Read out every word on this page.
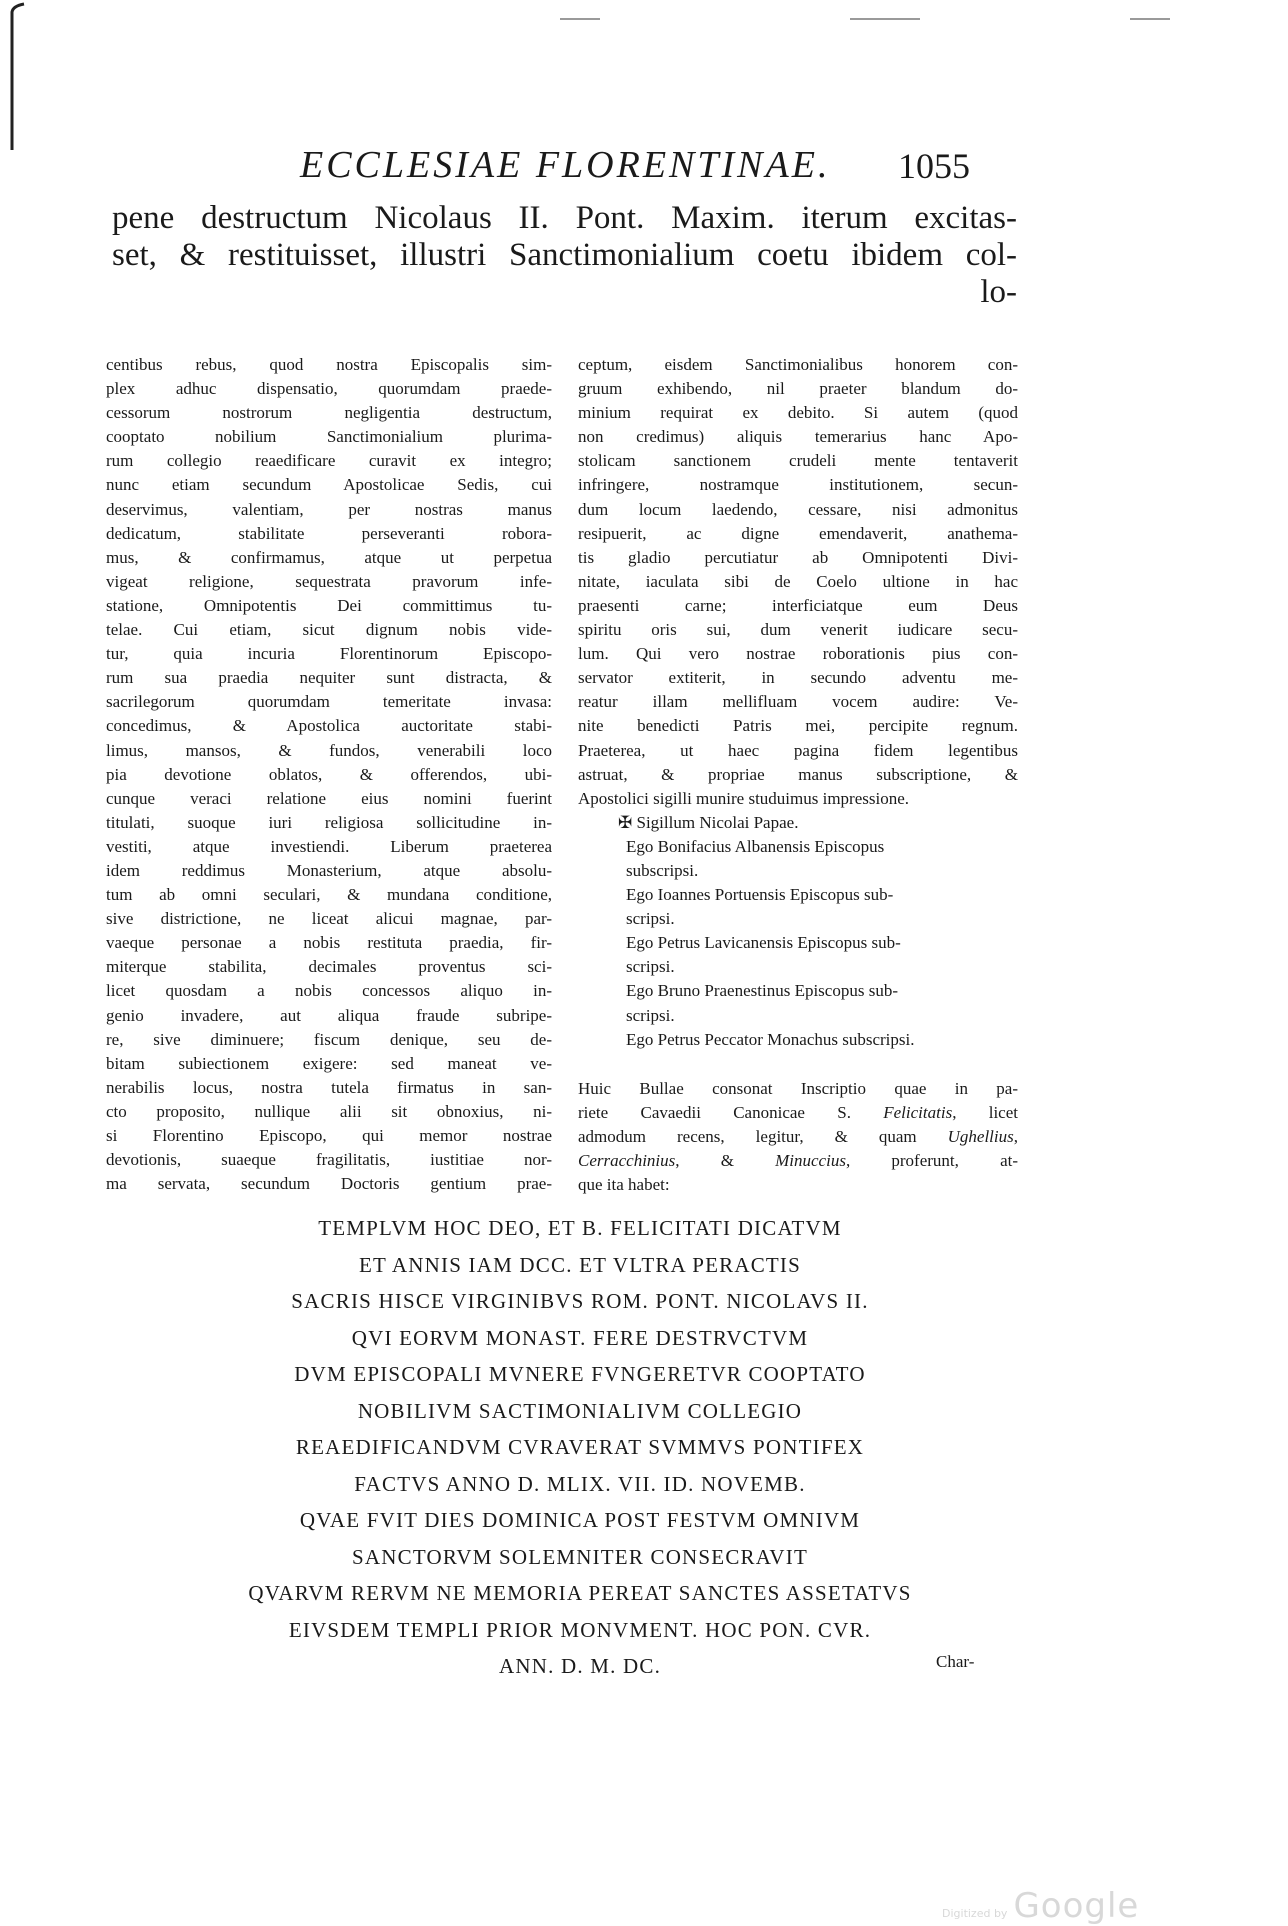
ECCLESIAE FLORENTINAE. 1055
pene destructum Nicolaus II. Pont. Maxim. iterum excitas-
set, & restituisset, illustri Sanctimonialium coetu ibidem col-
lo-
centibus rebus, quod nostra Episcopalis sim-
plex adhuc dispensatio, quorumdam praede-
cessorum nostrorum negligentia destructum,
cooptato nobilium Sanctimonialium plurima-
rum collegio reaedificare curavit ex integro;
nunc etiam secundum Apostolicae Sedis, cui
deservimus, valentiam, per nostras manus
dedicatum, stabilitate perseveranti robora-
mus, & confirmamus, atque ut perpetua
vigeat religione, sequestrata pravorum infe-
statione, Omnipotentis Dei committimus tu-
telae. Cui etiam, sicut dignum nobis vide-
tur, quia incuria Florentinorum Episcopo-
rum sua praedia nequiter sunt distracta, &
sacrilegorum quorumdam temeritate invasa:
concedimus, & Apostolica auctoritate stabi-
limus, mansos, & fundos, venerabili loco
pia devotione oblatos, & offerendos, ubi-
cunque veraci relatione eius nomini fuerint
titulati, suoque iuri religiosa sollicitudine in-
vestiti, atque investiendi. Liberum praeterea
idem reddimus Monasterium, atque absolu-
tum ab omni seculari, & mundana conditione,
sive districtione, ne liceat alicui magnae, par-
vaeque personae a nobis restituta praedia, fir-
miterque stabilita, decimales proventus sci-
licet quosdam a nobis concessos aliquo in-
genio invadere, aut aliqua fraude subripe-
re, sive diminuere; fiscum denique, seu de-
bitam subiectionem exigere: sed maneat ve-
nerabilis locus, nostra tutela firmatus in san-
cto proposito, nullique alii sit obnoxius, ni-
si Florentino Episcopo, qui memor nostrae
devotionis, suaeque fragilitatis, iustitiae nor-
ma servata, secundum Doctoris gentium prae-
ceptum, eisdem Sanctimonialibus honorem con-
gruum exhibendo, nil praeter blandum do-
minium requirat ex debito. Si autem (quod
non credimus) aliquis temerarius hanc Apo-
stolicam sanctionem crudeli mente tentaverit
infringere, nostramque institutionem, secun-
dum locum laedendo, cessare, nisi admonitus
resipuerit, ac digne emendaverit, anathema-
tis gladio percutiatur ab Omnipotenti Divi-
nitate, iaculata sibi de Coelo ultione in hac
praesenti carne; interficiatque eum Deus
spiritu oris sui, dum venerit iudicare secu-
lum. Qui vero nostrae roborationis pius con-
servator extiterit, in secundo adventu me-
reatur illam mellifluam vocem audire: Ve-
nite benedicti Patris mei, percipite regnum.
Praeterea, ut haec pagina fidem legentibus
astruat, & propriae manus subscriptione, &
Apostolici sigilli munire studuimus impressione.
✠ Sigillum Nicolai Papae.
Ego Bonifacius Albanensis Episcopus
subscripsi.
Ego Ioannes Portuensis Episcopus sub-
scripsi.
Ego Petrus Lavicanensis Episcopus sub-
scripsi.
Ego Bruno Praenestinus Episcopus sub-
scripsi.
Ego Petrus Peccator Monachus subscripsi.
Huic Bullae consonat Inscriptio quae in pa-
riete Cavaedii Canonicae S. Felicitatis, licet
admodum recens, legitur, & quam Ughellius,
Cerracchinius, & Minuccius, proferunt, at-
que ita habet:
TEMPLVM HOC DEO, ET B. FELICITATI DICATVM
ET ANNIS IAM DCC. ET VLTRA PERACTIS
SACRIS HISCE VIRGINIBVS ROM. PONT. NICOLAVS II.
QVI EORVM MONAST. FERE DESTRVCTVM
DVM EPISCOPALI MVNERE FVNGERETVR COOPTATO
NOBILIVM SACTIMONIALIVM COLLEGIO
REAEDIFICANDVM CVRAVERAT SVMMVS PONTIFEX
FACTVS ANNO D. MLIX. VII. ID. NOVEMB.
QVAE FVIT DIES DOMINICA POST FESTVM OMNIVM
SANCTORVM SOLEMNITER CONSECRAVIT
QVARVM RERVM NE MEMORIA PEREAT SANCTES ASSETATVS
EIVSDEM TEMPLI PRIOR MONVMENT. HOC PON. CVR.
ANN. D. M. DC.	Char-
Digitized by Google
